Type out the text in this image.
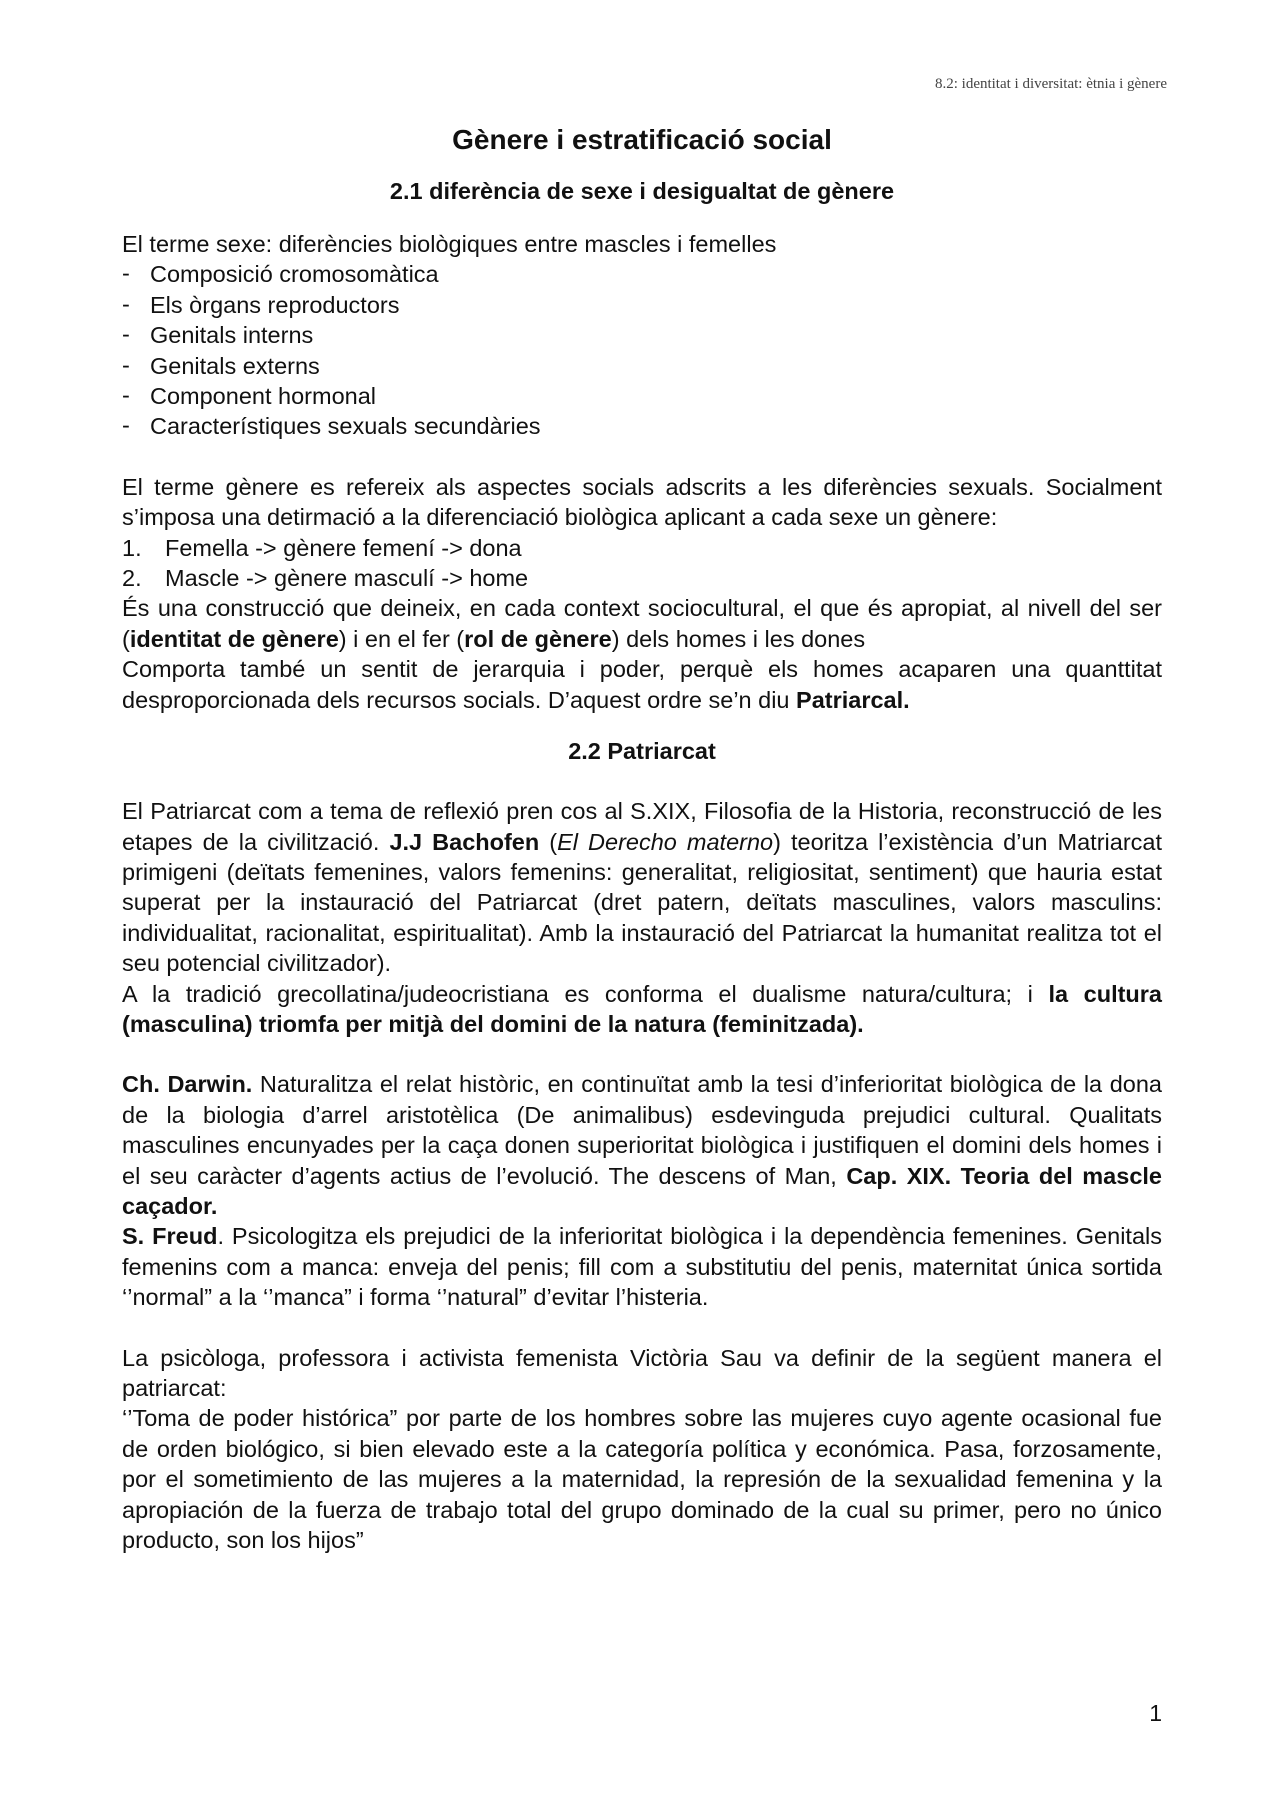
8.2: identitat i diversitat: ètnia i gènere
Gènere i estratificació social
2.1 diferència de sexe i desigualtat de gènere

El terme sexe: diferències biològiques entre mascles i femelles

- Composició cromosomàtica
- Els òrgans reproductors
- Genitals interns
- Genitals externs
- Component hormonal
- Característiques sexuals secundàries

El terme gènere es refereix als aspectes socials adscrits a les diferències sexuals. Socialment s’imposa una detirmació a la diferenciació biològica aplicant a cada sexe un gènere:

1. Femella -> gènere femení -> dona
2. Mascle -> gènere masculí -> home

És una construcció que deineix, en cada context sociocultural, el que és apropiat, al nivell del ser (identitat de gènere) i en el fer (rol de gènere) dels homes i les dones

Comporta també un sentit de jerarquia i poder, perquè els homes acaparen una quanttitat desproporcionada dels recursos socials. D’aquest ordre se’n diu Patriarcal.

2.2 Patriarcat

El Patriarcat com a tema de reflexió pren cos al S.XIX, Filosofia de la Historia, reconstrucció de les etapes de la civilització. J.J Bachofen (El Derecho materno) teoritza l’existència d’un Matriarcat primigeni (deïtats femenines, valors femenins: generalitat, religiositat, sentiment) que hauria estat superat per la instauració del Patriarcat (dret patern, deïtats masculines, valors masculins: individualitat, racionalitat, espiritualitat). Amb la instauració del Patriarcat la humanitat realitza tot el seu potencial civilitzador).

A la tradició grecollatina/judeocristiana es conforma el dualisme natura/cultura; i la cultura (masculina) triomfa per mitjà del domini de la natura (feminitzada).

Ch. Darwin. Naturalitza el relat històric, en continuïtat amb la tesi d’inferioritat biològica de la dona de la biologia d’arrel aristotèlica (De animalibus) esdevinguda prejudici cultural. Qualitats masculines encunyades per la caça donen superioritat biològica i justifiquen el domini dels homes i el seu caràcter d’agents actius de l’evolució. The descens of Man, Cap. XIX. Teoria del mascle caçador.

S. Freud. Psicologitza els prejudici de la inferioritat biològica i la dependència femenines. Genitals femenins com a manca: enveja del penis; fill com a substitutiu del penis, maternitat única sortida ‘’normal” a la ‘’manca” i forma ‘’natural” d’evitar l’histeria.

La psicòloga, professora i activista femenista Victòria Sau va definir de la següent manera el patriarcat:

‘’Toma de poder histórica” por parte de los hombres sobre las mujeres cuyo agente ocasional fue de orden biológico, si bien elevado este a la categoría política y económica. Pasa, forzosamente, por el sometimiento de las mujeres a la maternidad, la represión de la sexualidad femenina y la apropiación de la fuerza de trabajo total del grupo dominado de la cual su primer, pero no único producto, son los hijos”

1
